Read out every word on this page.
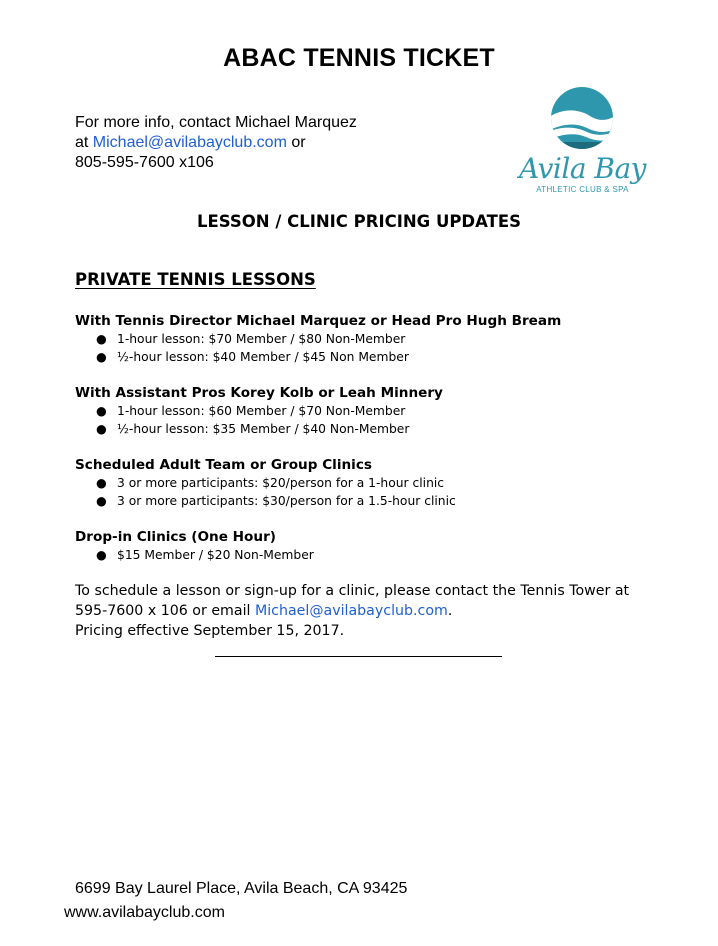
ABAC TENNIS TICKET
For more info, contact Michael Marquez
at Michael@avilabayclub.com or
805-595-7600 x106	Avila Bay
ATHLETIC CLUB & SPA
LESSON / CLINIC PRICING UPDATES
PRIVATE TENNIS LESSONS
With Tennis Director Michael Marquez or Head Pro Hugh Bream
● 1-hour lesson: $70 Member / $80 Non-Member
● ½-hour lesson: $40 Member / $45 Non Member
With Assistant Pros Korey Kolb or Leah Minnery
● 1-hour lesson: $60 Member / $70 Non-Member
● ½-hour lesson: $35 Member / $40 Non-Member
Scheduled Adult Team or Group Clinics
● 3 or more participants: $20/person for a 1-hour clinic
● 3 or more participants: $30/person for a 1.5-hour clinic
Drop-in Clinics (One Hour)
● $15 Member / $20 Non-Member
To schedule a lesson or sign-up for a clinic, please contact the Tennis Tower at
595-7600 x 106 or email Michael@avilabayclub.com.
Pricing effective September 15, 2017.
6699 Bay Laurel Place, Avila Beach, CA 93425
www.avilabayclub.com
